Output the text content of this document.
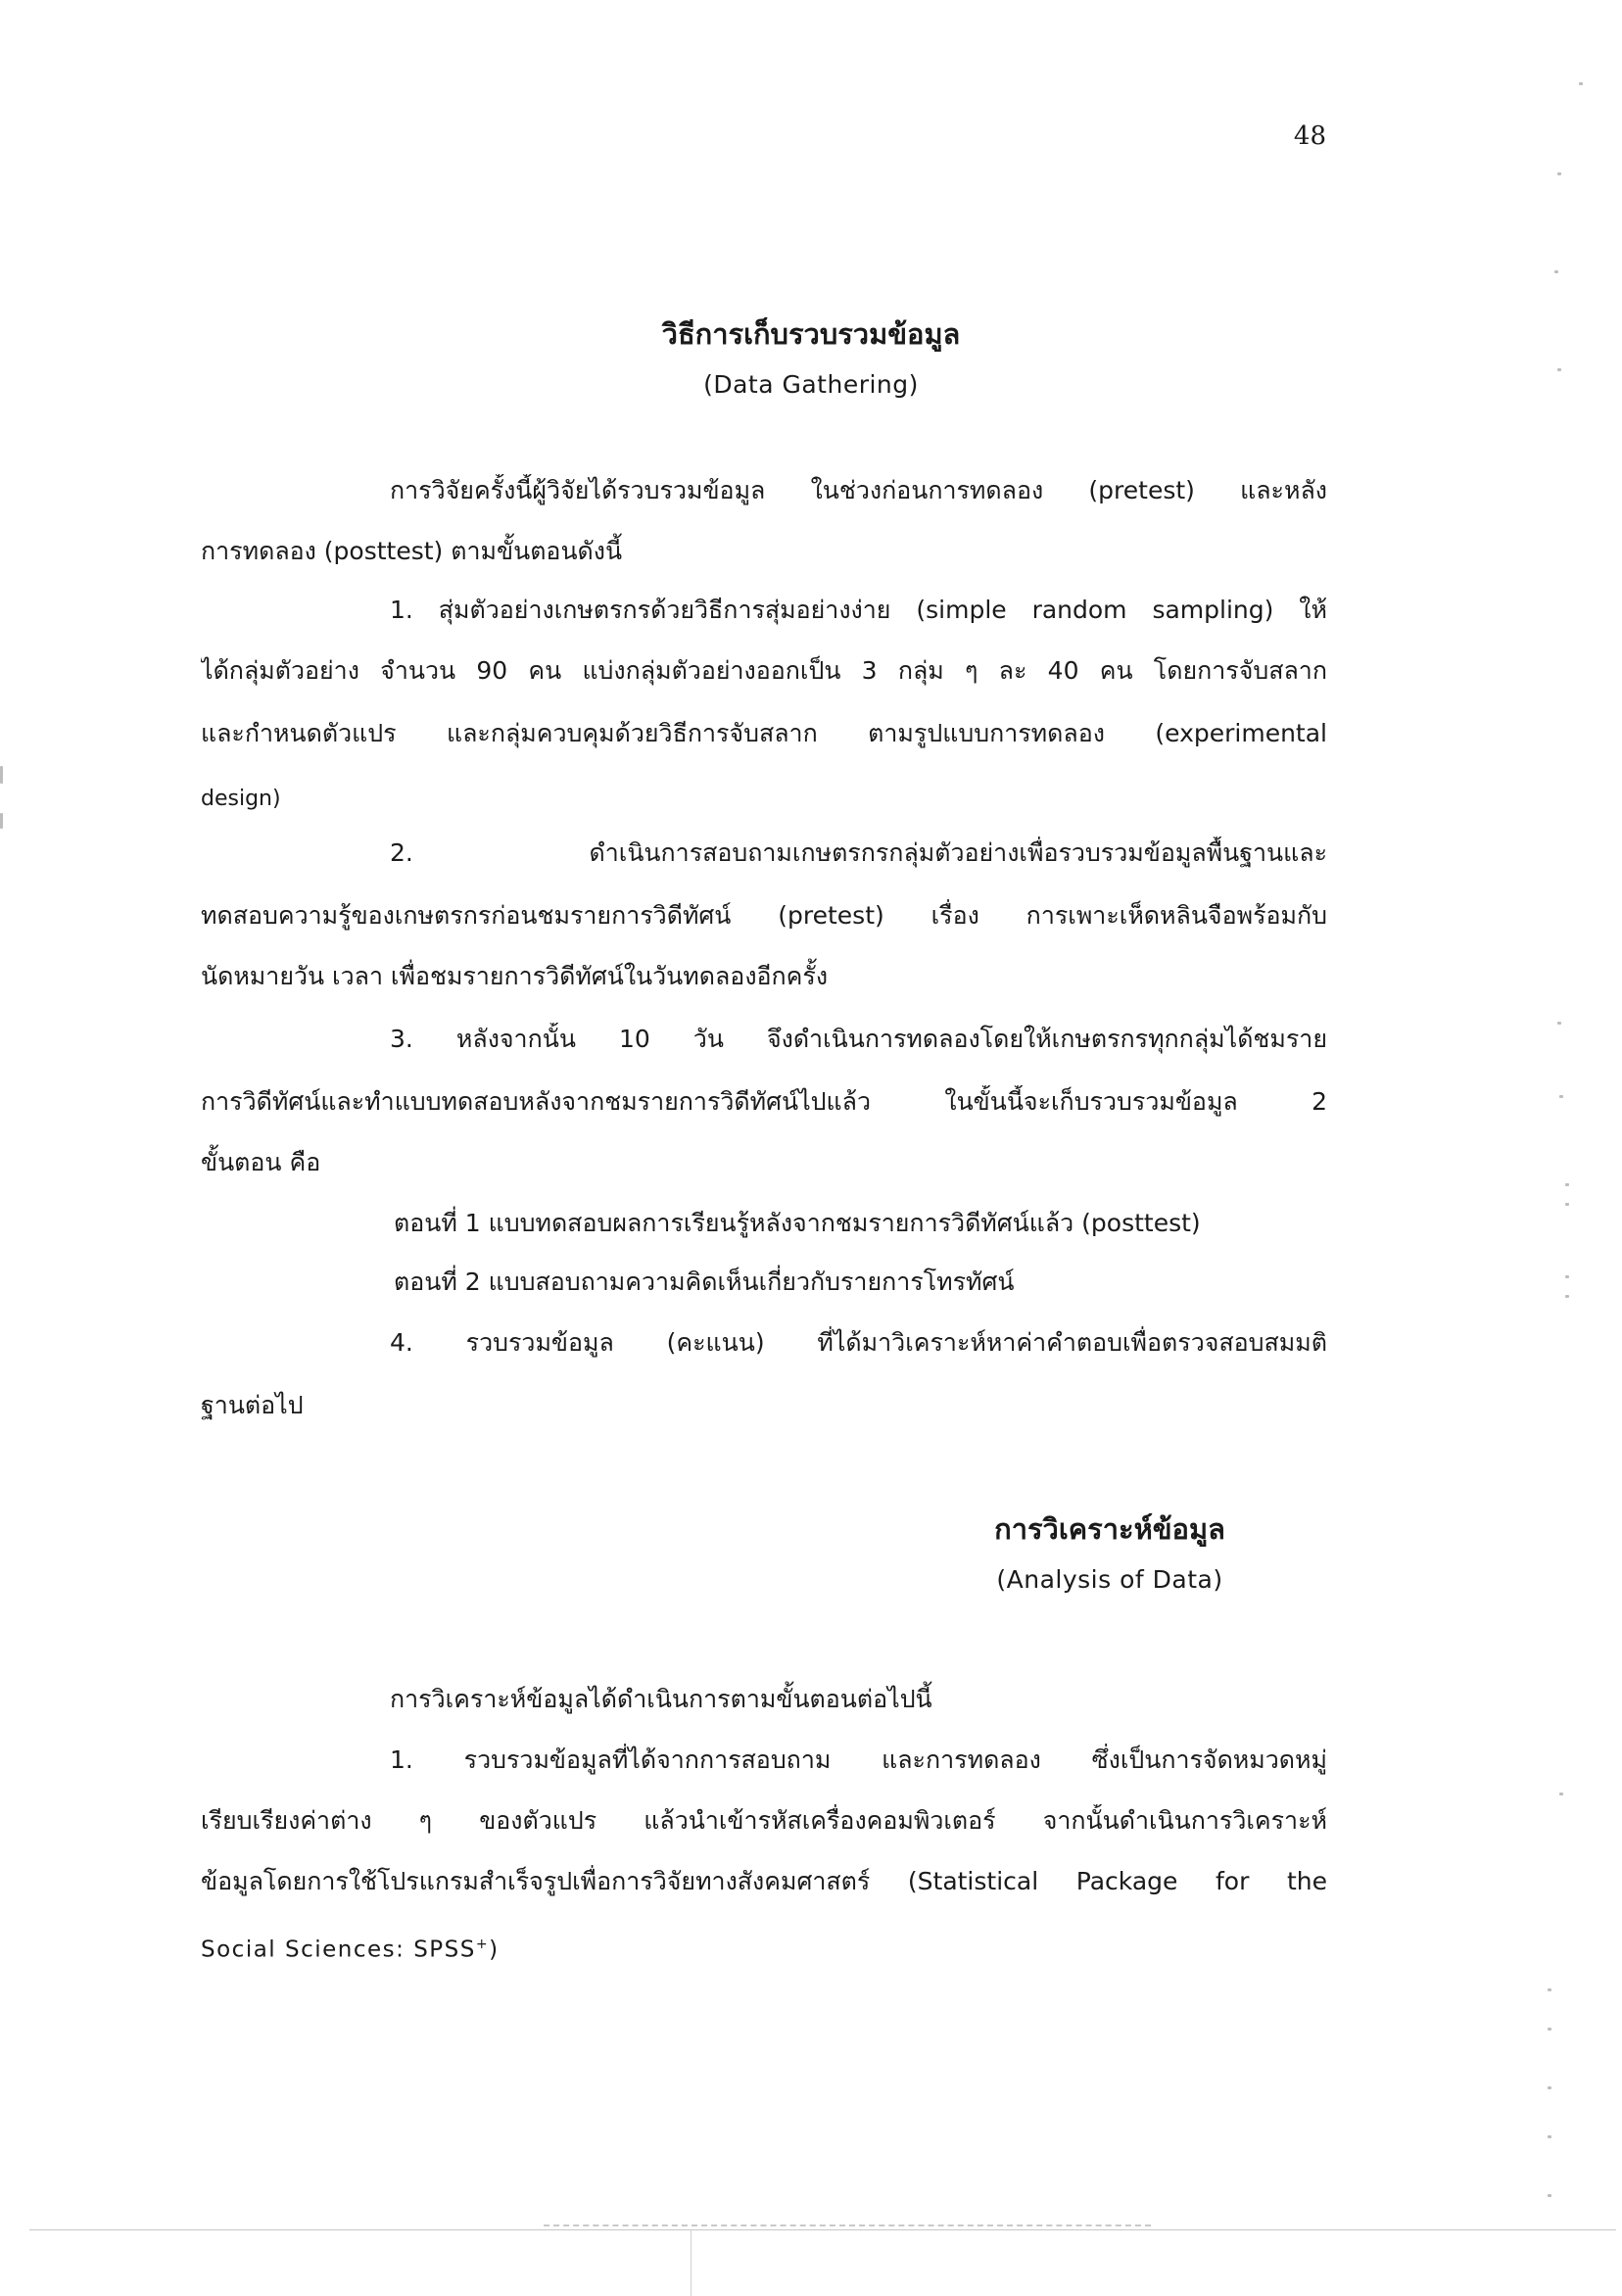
48
วิธีการเก็บรวบรวมข้อมูล
(Data Gathering)
การวิจัยครั้งนี้ผู้วิจัยได้รวบรวมข้อมูล ในช่วงก่อนการทดลอง (pretest) และหลัง
การทดลอง (posttest) ตามขั้นตอนดังนี้
1. สุ่มตัวอย่างเกษตรกรด้วยวิธีการสุ่มอย่างง่าย (simple random sampling) ให้
ได้กลุ่มตัวอย่าง จำนวน 90 คน แบ่งกลุ่มตัวอย่างออกเป็น 3 กลุ่ม ๆ ละ 40 คน โดยการจับสลาก
และกำหนดตัวแปร และกลุ่มควบคุมด้วยวิธีการจับสลาก ตามรูปแบบการทดลอง (experimental
design)
2. ดำเนินการสอบถามเกษตรกรกลุ่มตัวอย่างเพื่อรวบรวมข้อมูลพื้นฐานและ
ทดสอบความรู้ของเกษตรกรก่อนชมรายการวิดีทัศน์ (pretest) เรื่อง การเพาะเห็ดหลินจือพร้อมกับ
นัดหมายวัน เวลา เพื่อชมรายการวิดีทัศน์ในวันทดลองอีกครั้ง
3. หลังจากนั้น 10 วัน จึงดำเนินการทดลองโดยให้เกษตรกรทุกกลุ่มได้ชมราย
การวิดีทัศน์และทำแบบทดสอบหลังจากชมรายการวิดีทัศน์ไปแล้ว ในขั้นนี้จะเก็บรวบรวมข้อมูล 2
ขั้นตอน คือ
ตอนที่ 1 แบบทดสอบผลการเรียนรู้หลังจากชมรายการวิดีทัศน์แล้ว (posttest)
ตอนที่ 2 แบบสอบถามความคิดเห็นเกี่ยวกับรายการโทรทัศน์
4. รวบรวมข้อมูล (คะแนน) ที่ได้มาวิเคราะห์หาค่าคำตอบเพื่อตรวจสอบสมมติ
ฐานต่อไป
การวิเคราะห์ข้อมูล
(Analysis of Data)
การวิเคราะห์ข้อมูลได้ดำเนินการตามขั้นตอนต่อไปนี้
1. รวบรวมข้อมูลที่ได้จากการสอบถาม และการทดลอง ซึ่งเป็นการจัดหมวดหมู่
เรียบเรียงค่าต่าง ๆ ของตัวแปร แล้วนำเข้ารหัสเครื่องคอมพิวเตอร์ จากนั้นดำเนินการวิเคราะห์
ข้อมูลโดยการใช้โปรแกรมสำเร็จรูปเพื่อการวิจัยทางสังคมศาสตร์ (Statistical Package for the
Social Sciences: SPSS+)
